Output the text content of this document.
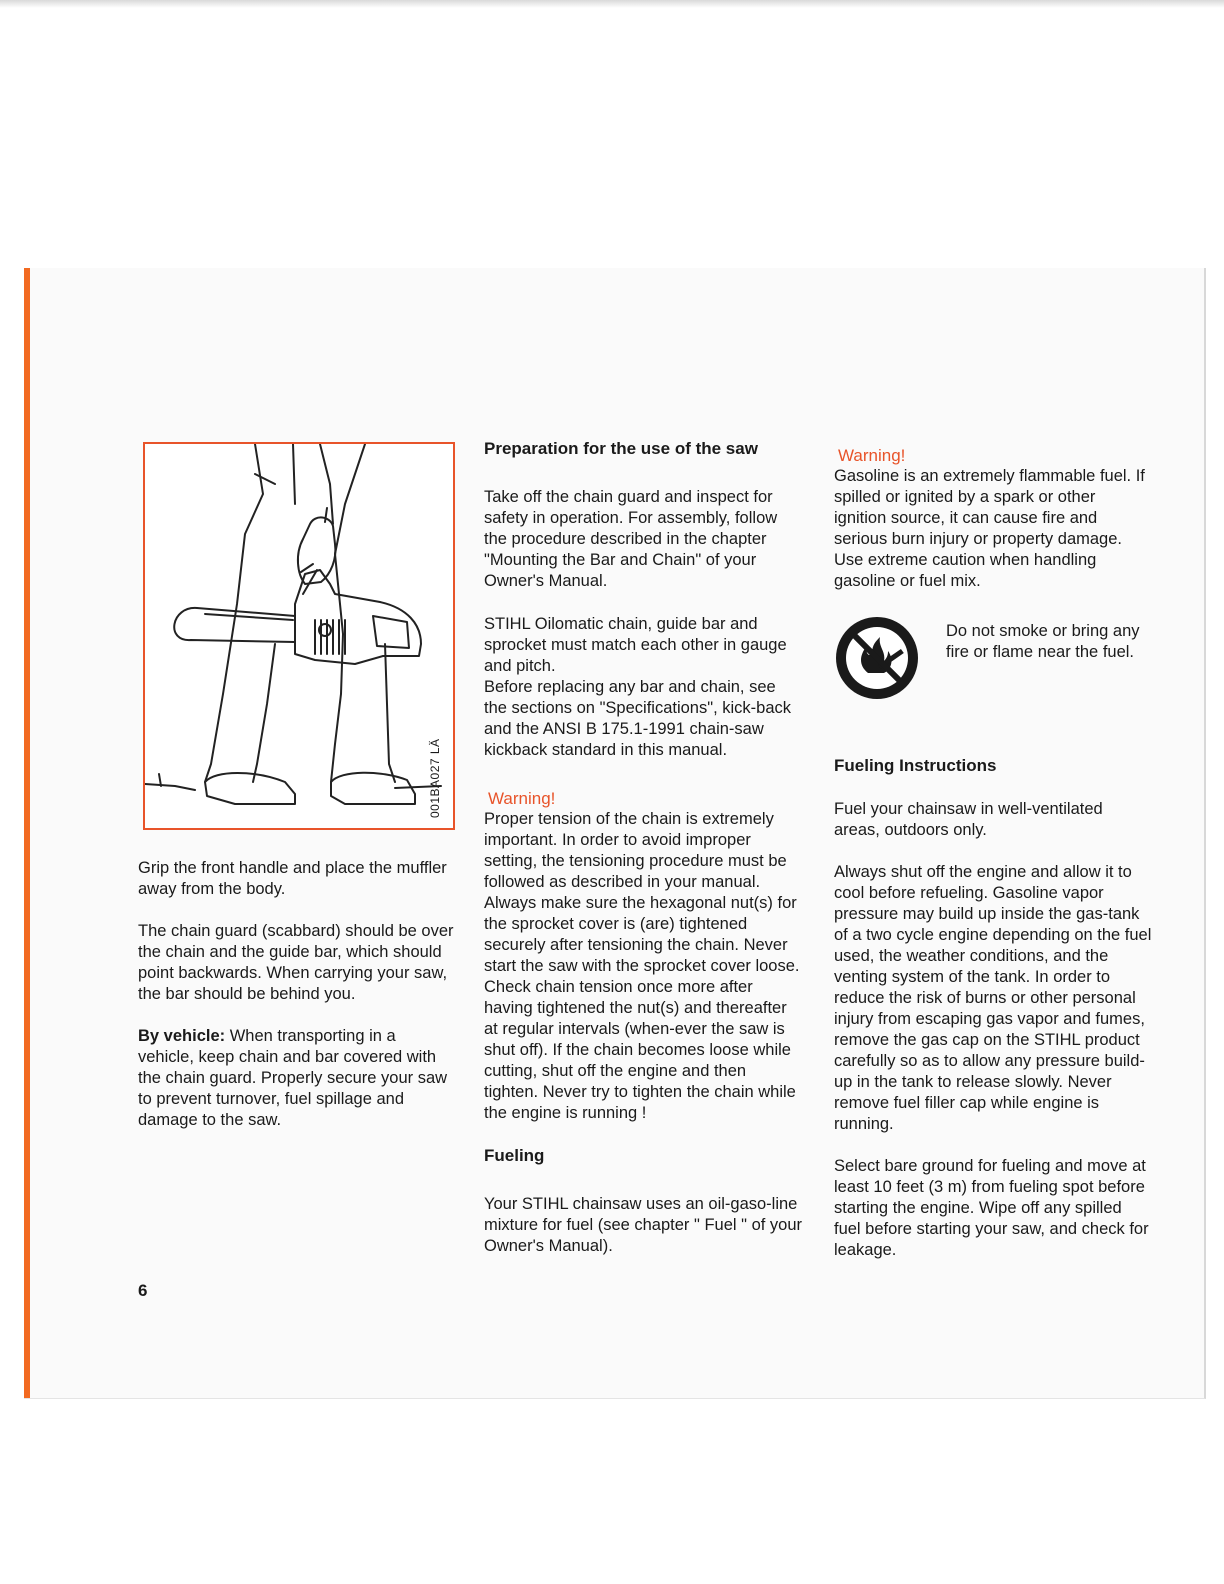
001BA027 LÄ

Grip the front handle and place the muffler away from the body.

The chain guard (scabbard) should be over the chain and the guide bar, which should point backwards. When carrying your saw, the bar should be behind you.

By vehicle: When transporting in a vehicle, keep chain and bar covered with the chain guard. Properly secure your saw to prevent turnover, fuel spillage and damage to the saw.

Preparation for the use of the saw

Take off the chain guard and inspect for safety in operation. For assembly, follow the procedure described in the chapter "Mounting the Bar and Chain" of your Owner's Manual.

STIHL Oilomatic chain, guide bar and sprocket must match each other in gauge and pitch.

Before replacing any bar and chain, see the sections on "Specifications", kick-back and the ANSI B 175.1-1991 chain-saw kickback standard in this manual.

Warning!

Proper tension of the chain is extremely important. In order to avoid improper setting, the tensioning procedure must be followed as described in your manual. Always make sure the hexagonal nut(s) for the sprocket cover is (are) tightened securely after tensioning the chain. Never start the saw with the sprocket cover loose. Check chain tension once more after having tightened the nut(s) and thereafter at regular intervals (when-ever the saw is shut off). If the chain becomes loose while cutting, shut off the engine and then tighten. Never try to tighten the chain while the engine is running !

Fueling

Your STIHL chainsaw uses an oil-gaso-line mixture for fuel (see chapter " Fuel " of your Owner's Manual).

Warning!

Gasoline is an extremely flammable fuel. If spilled or ignited by a spark or other ignition source, it can cause fire and serious burn injury or property damage. Use extreme caution when handling gasoline or fuel mix.

Do not smoke or bring any fire or flame near the fuel.
Fueling Instructions

Fuel your chainsaw in well-ventilated areas, outdoors only.

Always shut off the engine and allow it to cool before refueling. Gasoline vapor pressure may build up inside the gas-tank of a two cycle engine depending on the fuel used, the weather conditions, and the venting system of the tank. In order to reduce the risk of burns or other personal injury from escaping gas vapor and fumes, remove the gas cap on the STIHL product carefully so as to allow any pressure build-up in the tank to release slowly. Never remove fuel filler cap while engine is running.

Select bare ground for fueling and move at least 10 feet (3 m) from fueling spot before starting the engine. Wipe off any spilled fuel before starting your saw, and check for leakage.

6
